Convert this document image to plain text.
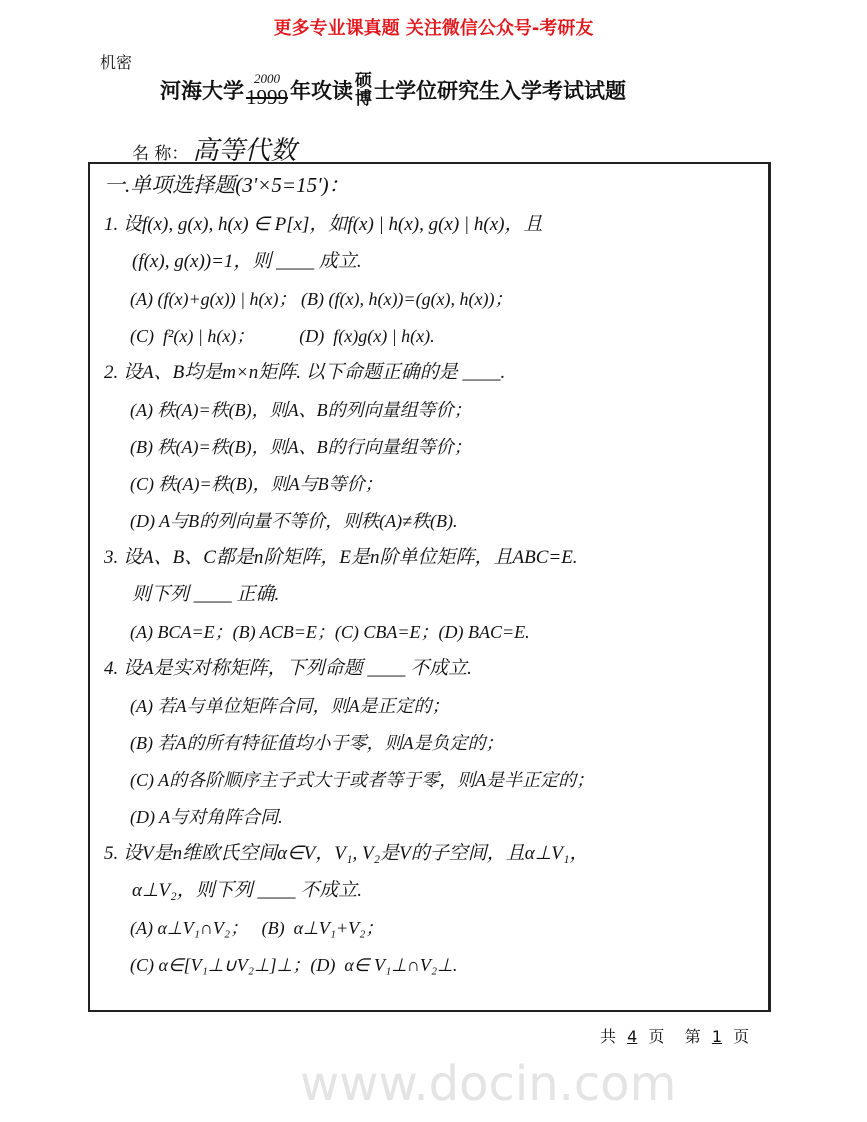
更多专业课真题 关注微信公众号-考研友
机密
河海大学
2000
1999 年攻读 硕
博 士学位研究生入学考试试题
名 称： 高等代数
一.单项选择题(3'×5=15')：
1. 设f(x), g(x), h(x) ∈ P[x]，如f(x) | h(x), g(x) | h(x)，且
(f(x), g(x))=1，则 ____ 成立.
(A) (f(x)+g(x)) | h(x)； (B) (f(x), h(x))=(g(x), h(x))；
(C)  f²(x) | h(x)；          (D)  f(x)g(x) | h(x).
2. 设A、B均是m×n矩阵. 以下命题正确的是 ____.
(A) 秩(A)=秩(B)，则A、B的列向量组等价；
(B) 秩(A)=秩(B)，则A、B的行向量组等价；
(C) 秩(A)=秩(B)，则A与B等价；
(D) A与B的列向量不等价，则秩(A)≠秩(B).
3. 设A、B、C都是n阶矩阵，E是n阶单位矩阵，且ABC=E.
则下列 ____ 正确.
(A) BCA=E；(B) ACB=E；(C) CBA=E；(D) BAC=E.
4. 设A是实对称矩阵，下列命题 ____ 不成立.
(A) 若A与单位矩阵合同，则A是正定的；
(B) 若A的所有特征值均小于零，则A是负定的；
(C) A的各阶顺序主子式大于或者等于零，则A是半正定的；
(D) A与对角阵合同.
5. 设V是n维欧氏空间α∈V，V₁, V₂是V的子空间，且α⊥V₁，
α⊥V₂，则下列 ____ 不成立.
(A) α⊥V₁∩V₂；   (B)  α⊥V₁+V₂；
(C) α∈[V₁⊥∪V₂⊥]⊥；(D)  α∈ V₁⊥∩V₂⊥.
共 4 页 第 1 页
www.docin.com
